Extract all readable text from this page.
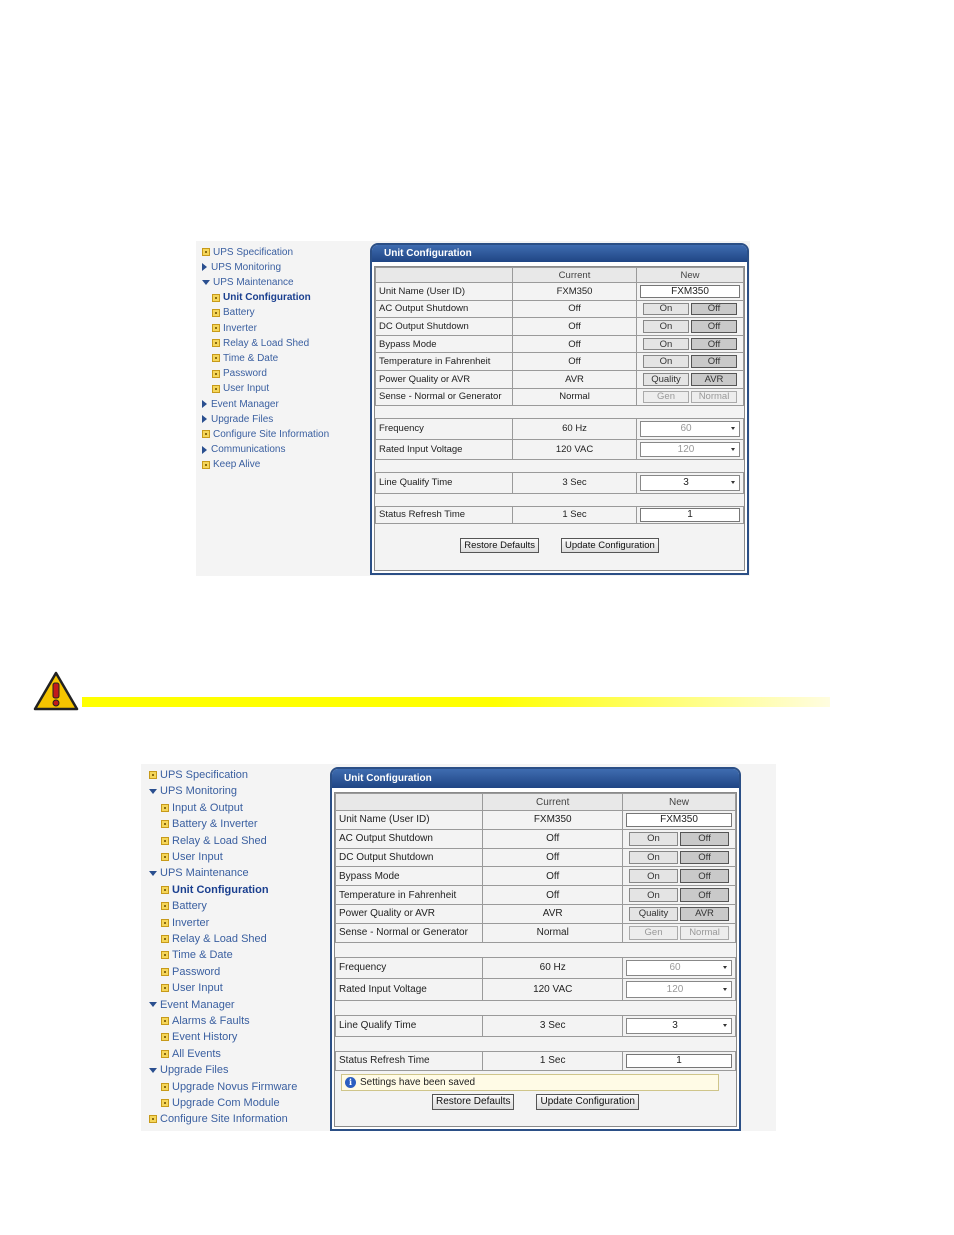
UPS Specification
UPS Monitoring
UPS Maintenance
Unit Configuration
Battery
Inverter
Relay & Load Shed
Time & Date
Password
User Input
Event Manager
Upgrade Files
Configure Site Information
Communications
Keep Alive
Unit Configuration
	Current	New
Unit Name (User ID)	FXM350	FXM350

AC Output Shutdown	Off	On Off

DC Output Shutdown	Off	On Off

Bypass Mode	Off	On Off

Temperature in Fahrenheit	Off	On Off

Power Quality or AVR	AVR	Quality AVR

Sense - Normal or Generator	Normal	Gen Normal

Frequency	60 Hz	60

Rated Input Voltage	120 VAC	120

Line Qualify Time	3 Sec	3

Status Refresh Time	1 Sec	1
Restore Defaults	Update Configuration
UPS Specification
UPS Monitoring
Input & Output
Battery & Inverter
Relay & Load Shed
User Input
UPS Maintenance
Unit Configuration
Battery
Inverter
Relay & Load Shed
Time & Date
Password
User Input
Event Manager
Alarms & Faults
Event History
All Events
Upgrade Files
Upgrade Novus Firmware
Upgrade Com Module
Configure Site Information
Unit Configuration
	Current	New
Unit Name (User ID)	FXM350	FXM350

AC Output Shutdown	Off	On Off

DC Output Shutdown	Off	On Off

Bypass Mode	Off	On Off

Temperature in Fahrenheit	Off	On Off

Power Quality or AVR	AVR	Quality AVR

Sense - Normal or Generator	Normal	Gen Normal

Frequency	60 Hz	60

Rated Input Voltage	120 VAC	120

Line Qualify Time	3 Sec	3

Status Refresh Time	1 Sec	1
i Settings have been saved
Restore Defaults	Update Configuration
